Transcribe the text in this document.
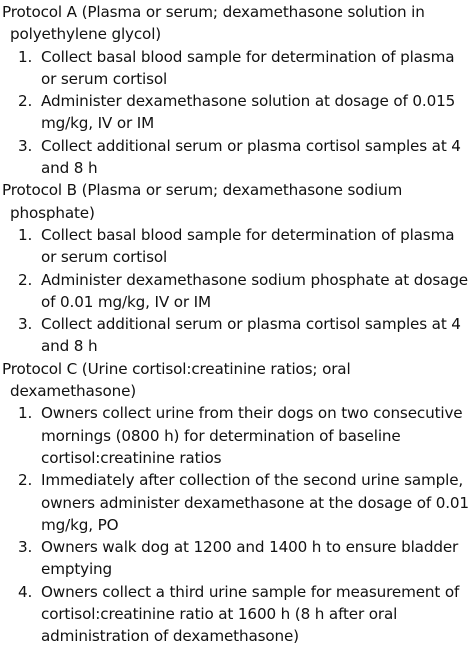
Protocol A (Plasma or serum; dexamethasone solution in polyethylene glycol)
1. Collect basal blood sample for determination of plasma or serum cortisol
2. Administer dexamethasone solution at dosage of 0.015 mg/kg, IV or IM
3. Collect additional serum or plasma cortisol samples at 4 and 8 h
Protocol B (Plasma or serum; dexamethasone sodium phosphate)
1. Collect basal blood sample for determination of plasma or serum cortisol
2. Administer dexamethasone sodium phosphate at dosage of 0.01 mg/kg, IV or IM
3. Collect additional serum or plasma cortisol samples at 4 and 8 h
Protocol C (Urine cortisol:creatinine ratios; oral dexamethasone)
1. Owners collect urine from their dogs on two consecutive mornings (0800 h) for determination of baseline cortisol:creatinine ratios
2. Immediately after collection of the second urine sample, owners administer dexamethasone at the dosage of 0.01 mg/kg, PO
3. Owners walk dog at 1200 and 1400 h to ensure bladder emptying
4. Owners collect a third urine sample for measurement of cortisol:creatinine ratio at 1600 h (8 h after oral administration of dexamethasone)
